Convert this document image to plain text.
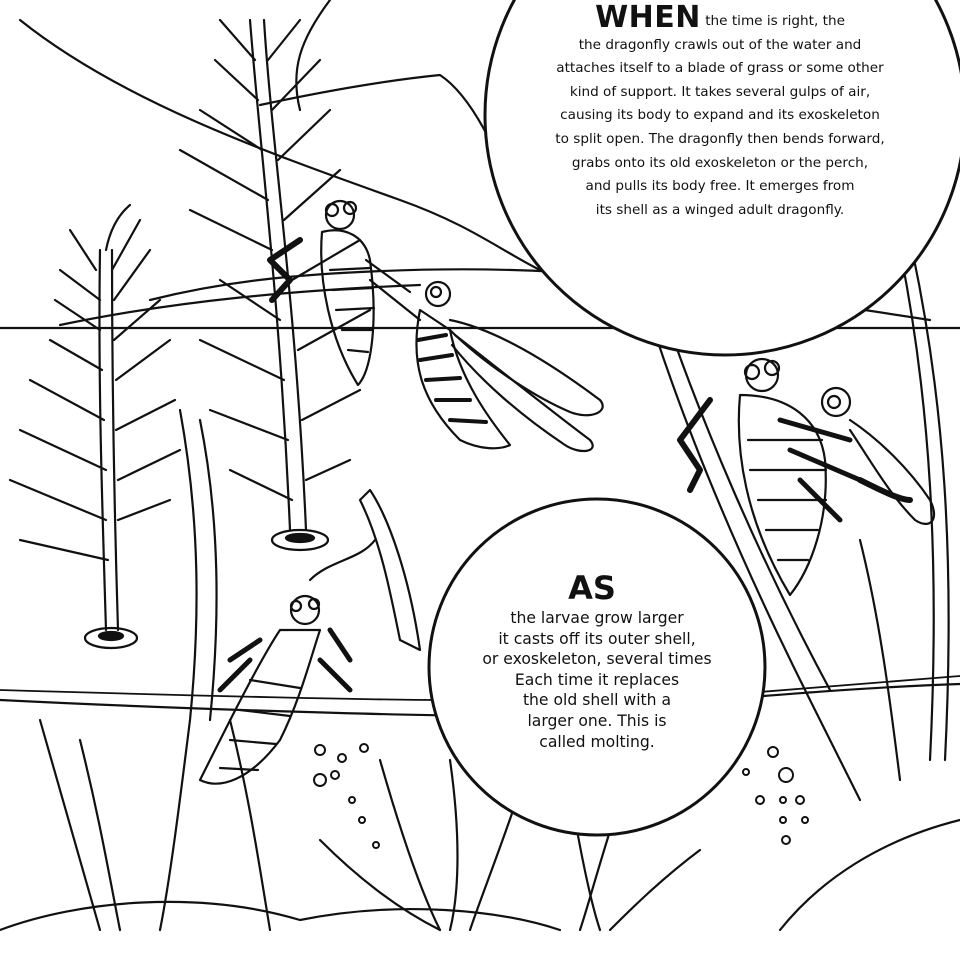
WHEN the time is right, the
the dragonfly crawls out of the water and
attaches itself to a blade of grass or some other
kind of support. It takes several gulps of air,
causing its body to expand and its exoskeleton
to split open. The dragonfly then bends forward,
grabs onto its old exoskeleton or the perch,
and pulls its body free. It emerges from
its shell as a winged adult dragonfly.
AS
the larvae grow larger
it casts off its outer shell,
or exoskeleton, several times
Each time it replaces
the old shell with a
larger one. This is
called molting.
